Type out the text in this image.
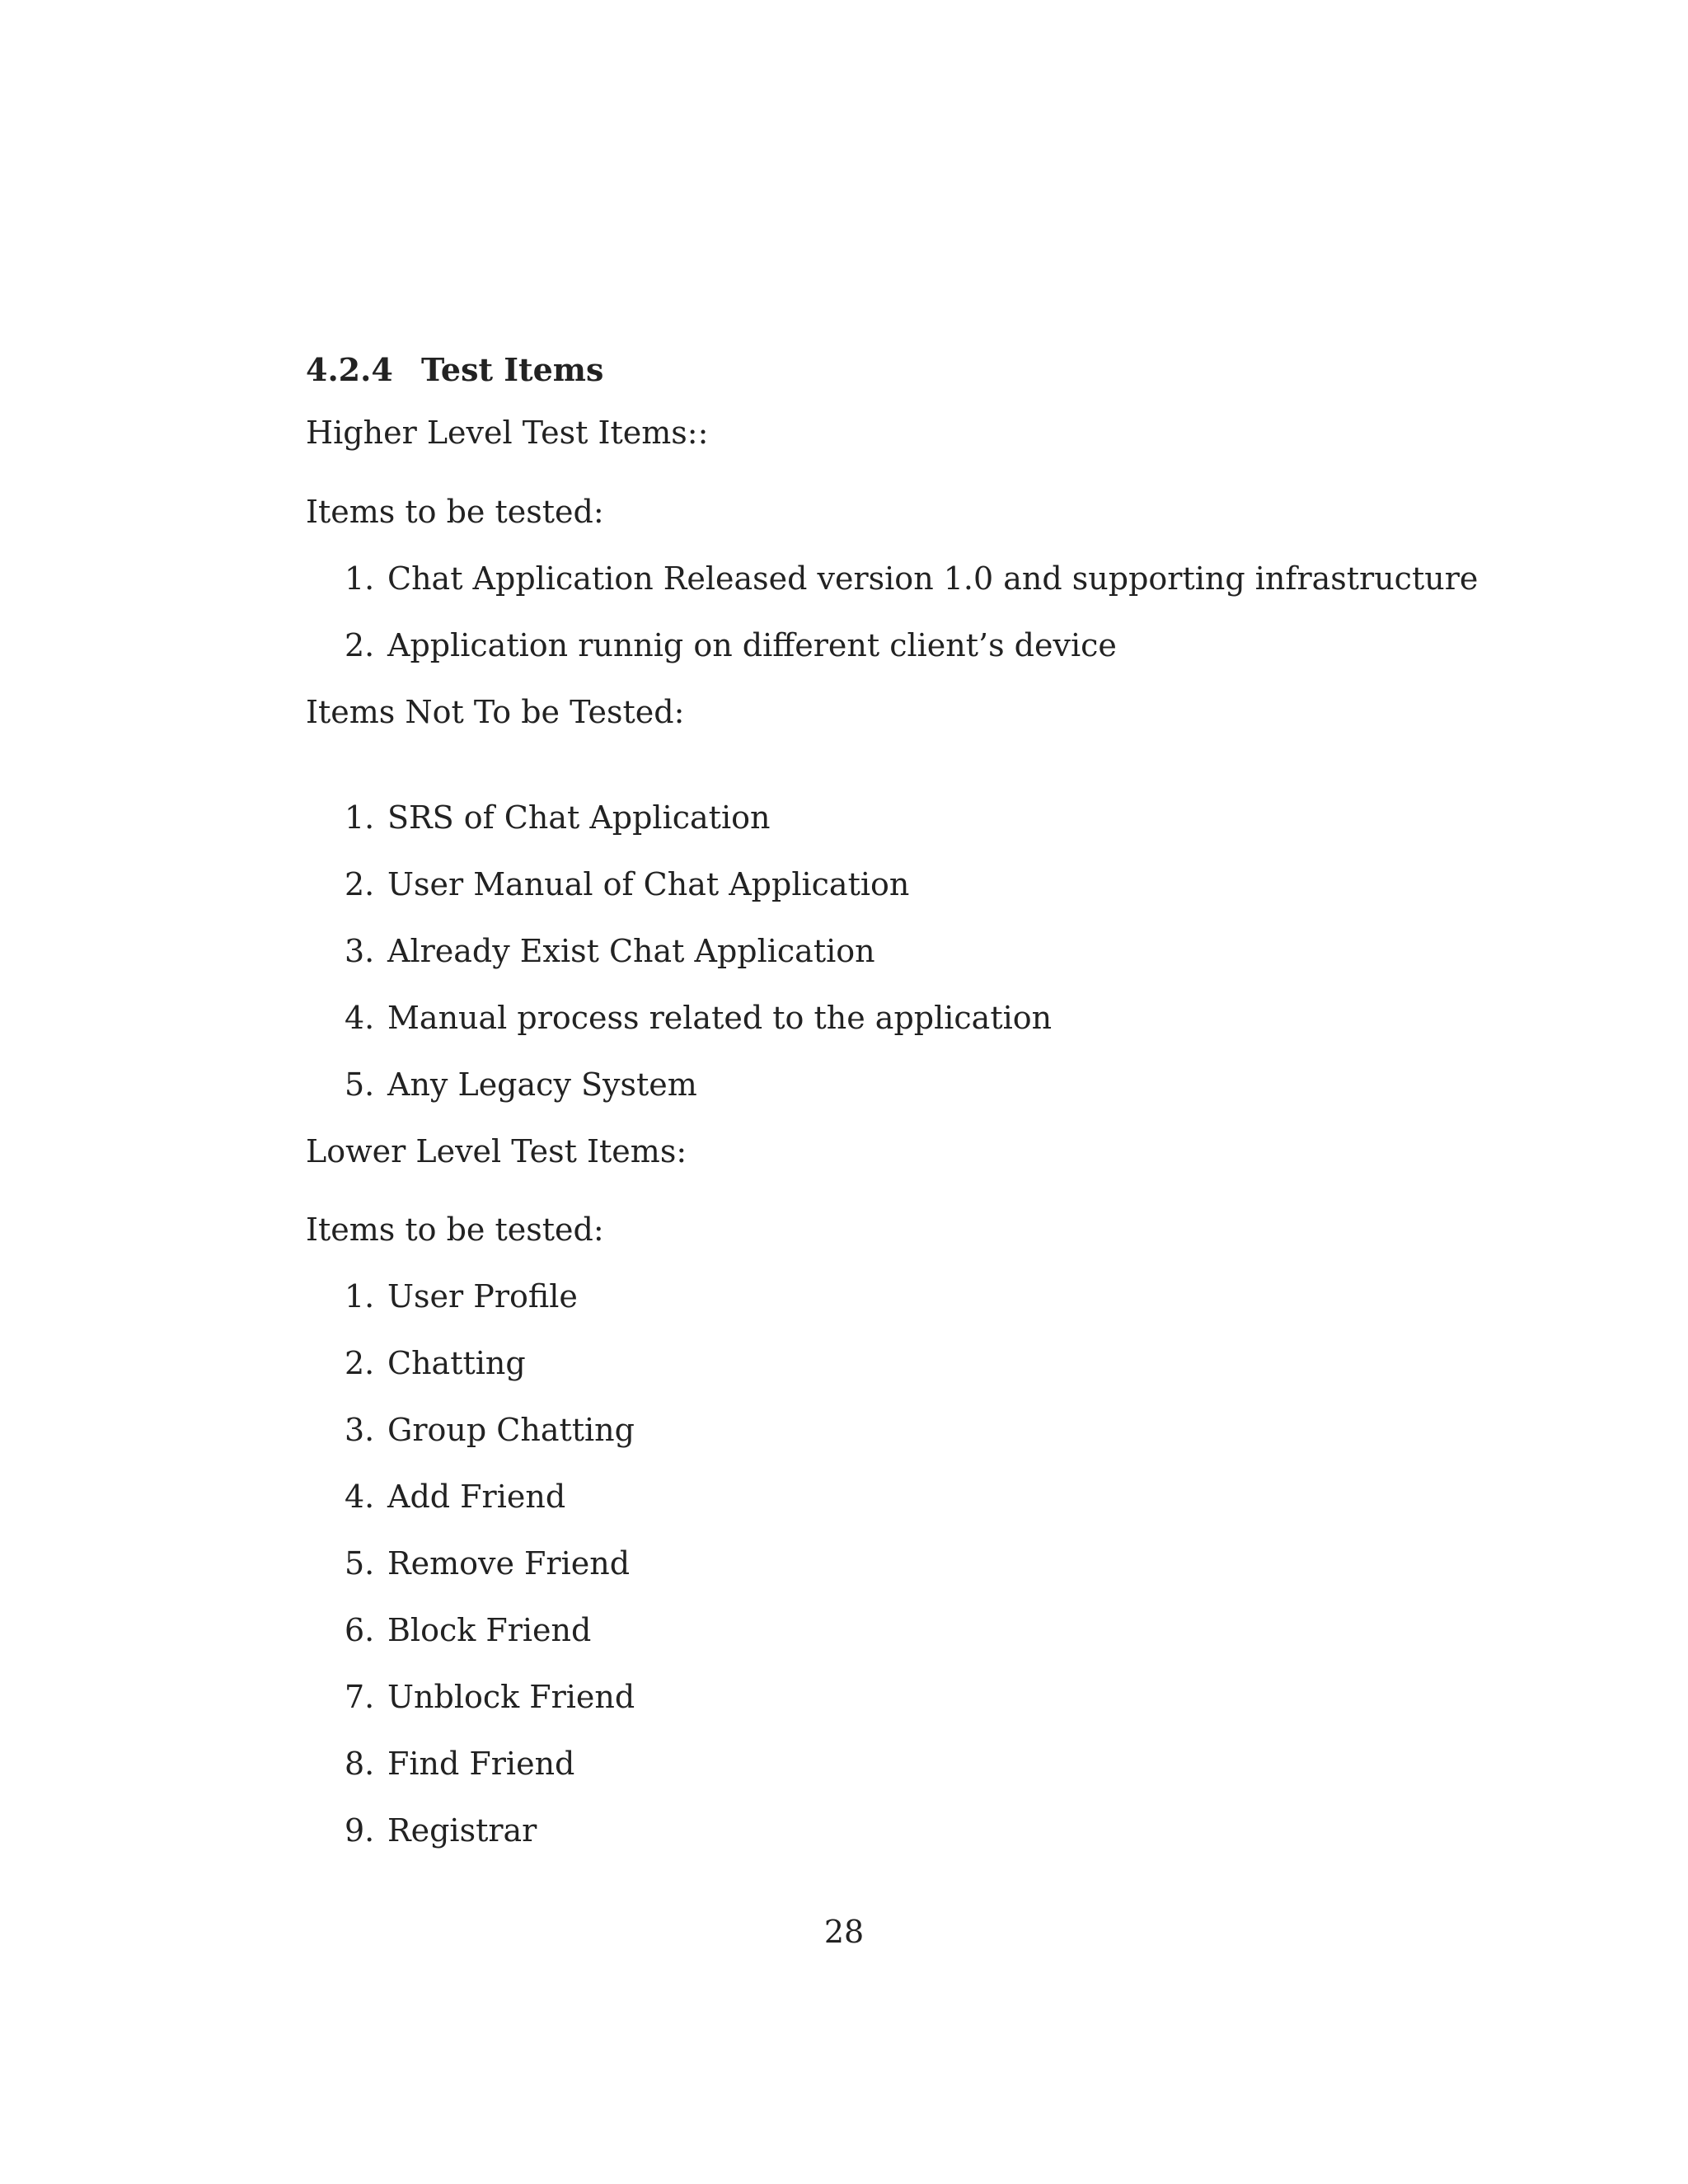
4.2.4 Test Items
Higher Level Test Items::
Items to be tested:
1. Chat Application Released version 1.0 and supporting infrastructure
2. Application runnig on different client’s device
Items Not To be Tested:
1. SRS of Chat Application
2. User Manual of Chat Application
3. Already Exist Chat Application
4. Manual process related to the application
5. Any Legacy System
Lower Level Test Items:
Items to be tested:
1. User Profile
2. Chatting
3. Group Chatting
4. Add Friend
5. Remove Friend
6. Block Friend
7. Unblock Friend
8. Find Friend
9. Registrar
28
